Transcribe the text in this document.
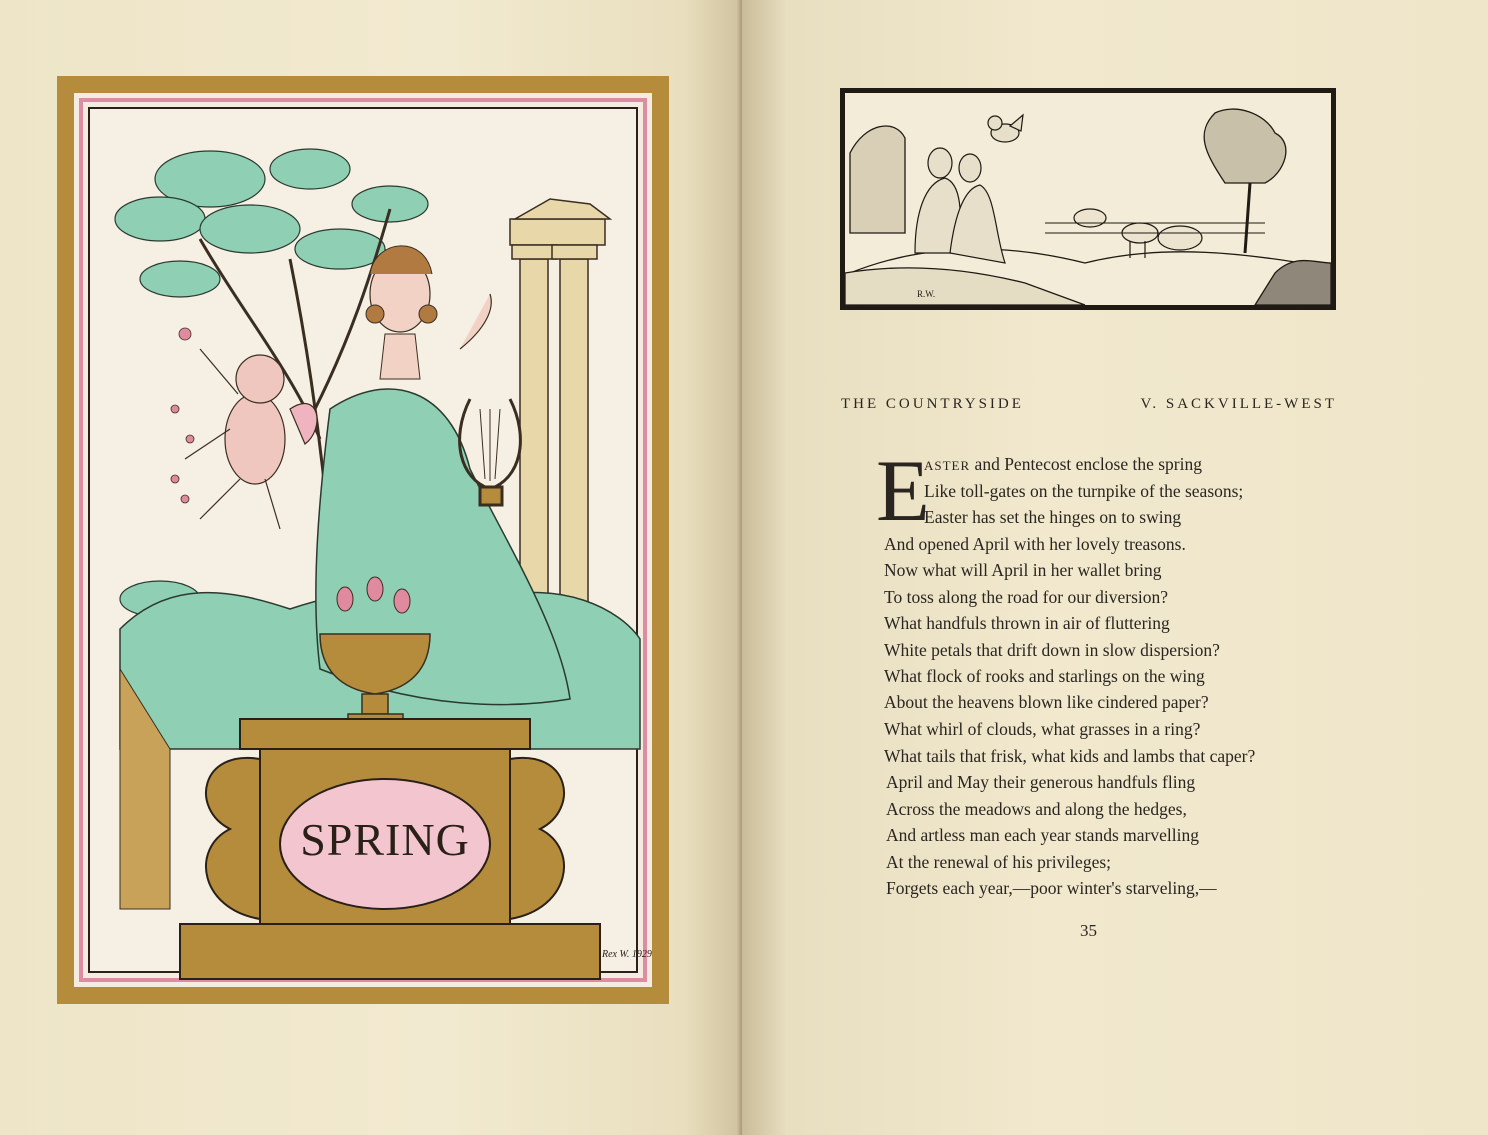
SPRING
Rex W. 1929
R.W.
THE COUNTRYSIDE	V. SACKVILLE-WEST
E
ASTER and Pentecost enclose the spring
Like toll-gates on the turnpike of the seasons;
Easter has set the hinges on to swing
And opened April with her lovely treasons.
Now what will April in her wallet bring
To toss along the road for our diversion?
What handfuls thrown in air of fluttering
White petals that drift down in slow dispersion?
What flock of rooks and starlings on the wing
About the heavens blown like cindered paper?
What whirl of clouds, what grasses in a ring?
What tails that frisk, what kids and lambs that caper?
April and May their generous handfuls fling
Across the meadows and along the hedges,
And artless man each year stands marvelling
At the renewal of his privileges;
Forgets each year,—poor winter's starveling,—
35
